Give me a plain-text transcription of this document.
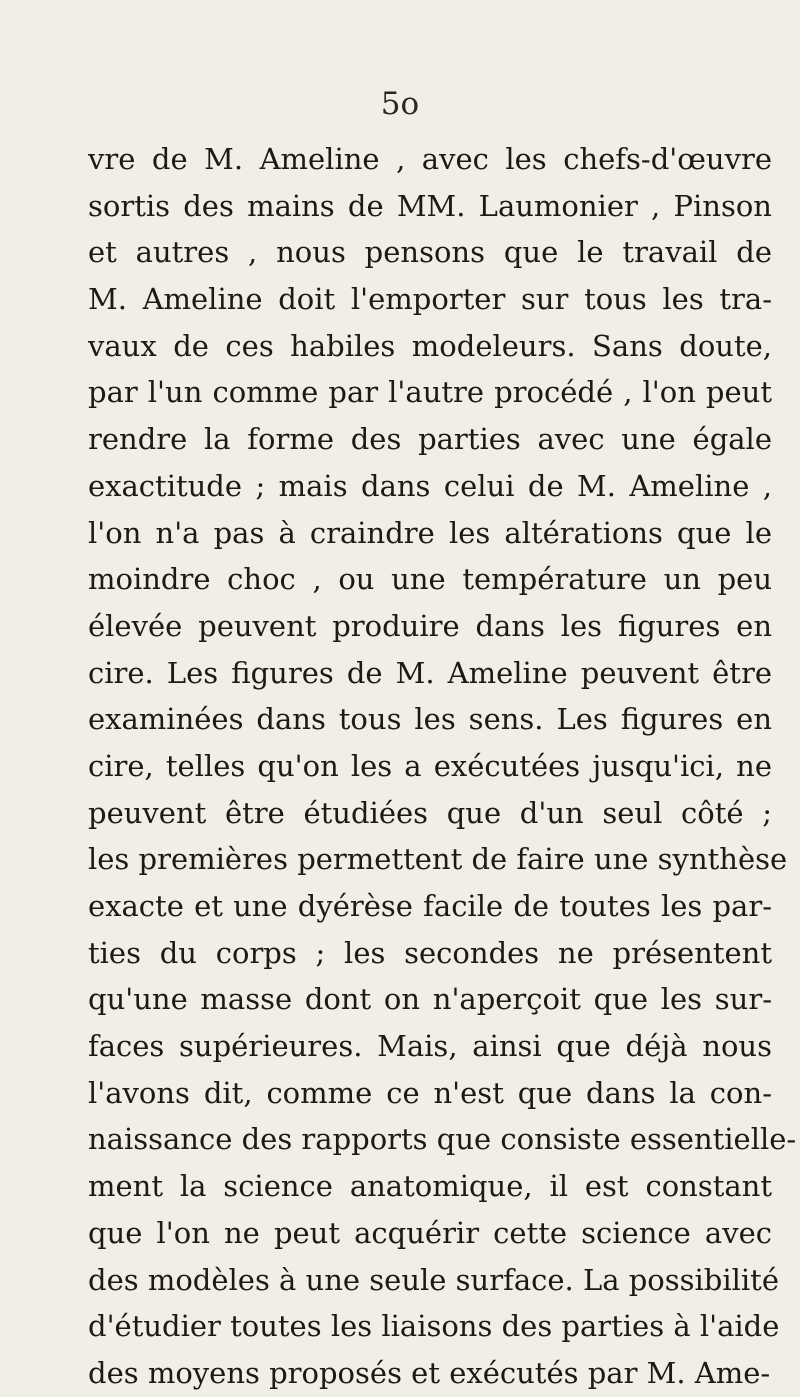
5o
vre de M. Ameline , avec les chefs-d'œuvre
sortis des mains de MM. Laumonier , Pinson
et autres , nous pensons que le travail de
M. Ameline doit l'emporter sur tous les tra-
vaux de ces habiles modeleurs. Sans doute,
par l'un comme par l'autre procédé , l'on peut
rendre la forme des parties avec une égale
exactitude ; mais dans celui de M. Ameline ,
l'on n'a pas à craindre les altérations que le
moindre choc , ou une température un peu
élevée peuvent produire dans les figures en
cire. Les figures de M. Ameline peuvent être
examinées dans tous les sens. Les figures en
cire, telles qu'on les a exécutées jusqu'ici, ne
peuvent être étudiées que d'un seul côté ;
les premières permettent de faire une synthèse
exacte et une dyérèse facile de toutes les par-
ties du corps ; les secondes ne présentent
qu'une masse dont on n'aperçoit que les sur-
faces supérieures. Mais, ainsi que déjà nous
l'avons dit, comme ce n'est que dans la con-
naissance des rapports que consiste essentielle-
ment la science anatomique, il est constant
que l'on ne peut acquérir cette science avec
des modèles à une seule surface. La possibilité
d'étudier toutes les liaisons des parties à l'aide
des moyens proposés et exécutés par M. Ame-
